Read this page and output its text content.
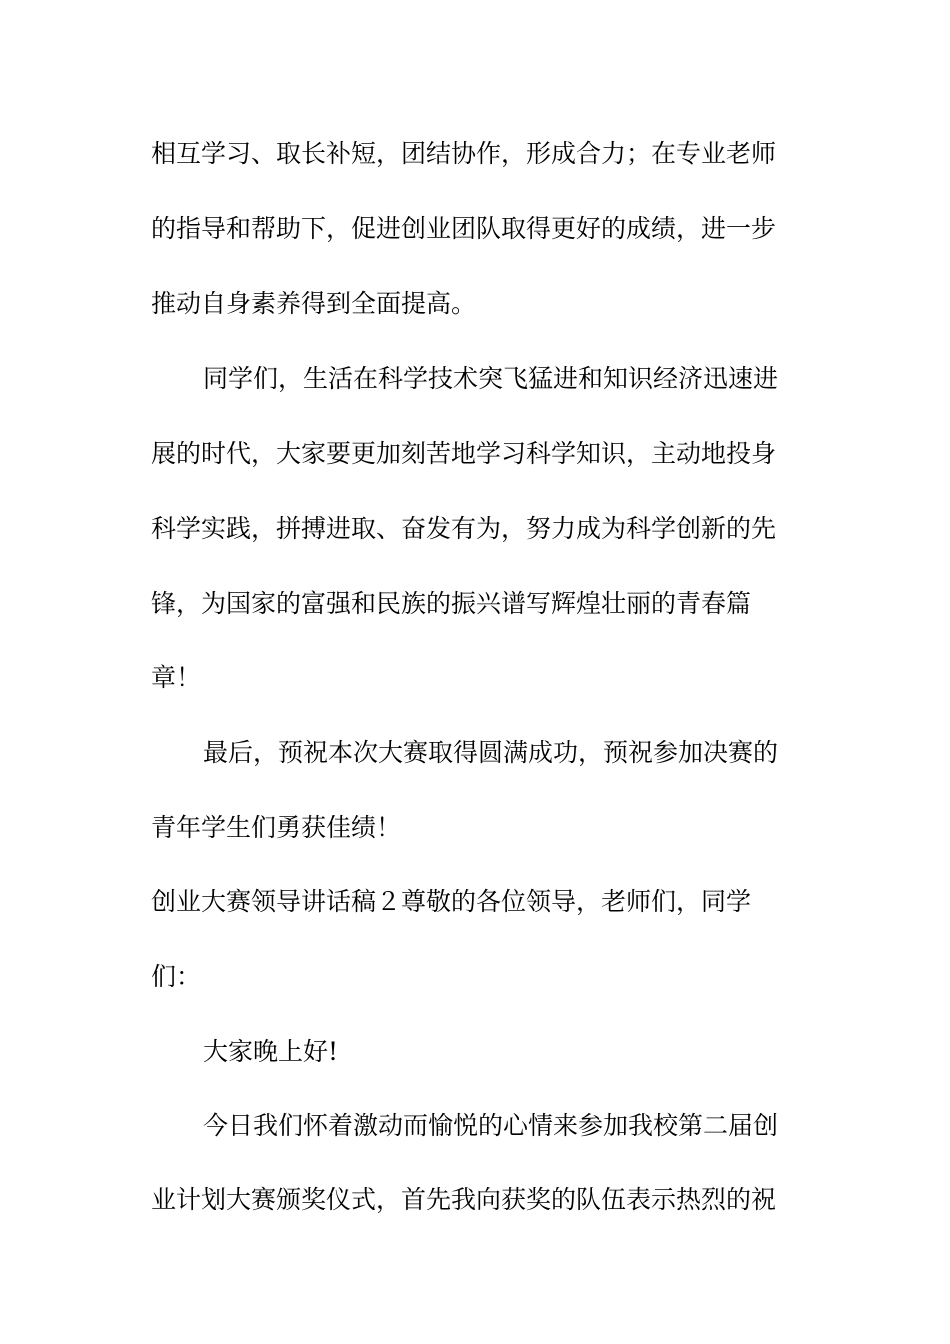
相互学习、取长补短，团结协作，形成合力；在专业老师
的指导和帮助下，促进创业团队取得更好的成绩，进一步
推动自身素养得到全面提高。
同学们，生活在科学技术突飞猛进和知识经济迅速进
展的时代，大家要更加刻苦地学习科学知识，主动地投身
科学实践，拼搏进取、奋发有为，努力成为科学创新的先
锋，为国家的富强和民族的振兴谱写辉煌壮丽的青春篇
章！
最后，预祝本次大赛取得圆满成功，预祝参加决赛的
青年学生们勇获佳绩！
创业大赛领导讲话稿２尊敬的各位领导，老师们，同学
们：
大家晚上好!
今日我们怀着激动而愉悦的心情来参加我校第二届创
业计划大赛颁奖仪式，首先我向获奖的队伍表示热烈的祝
